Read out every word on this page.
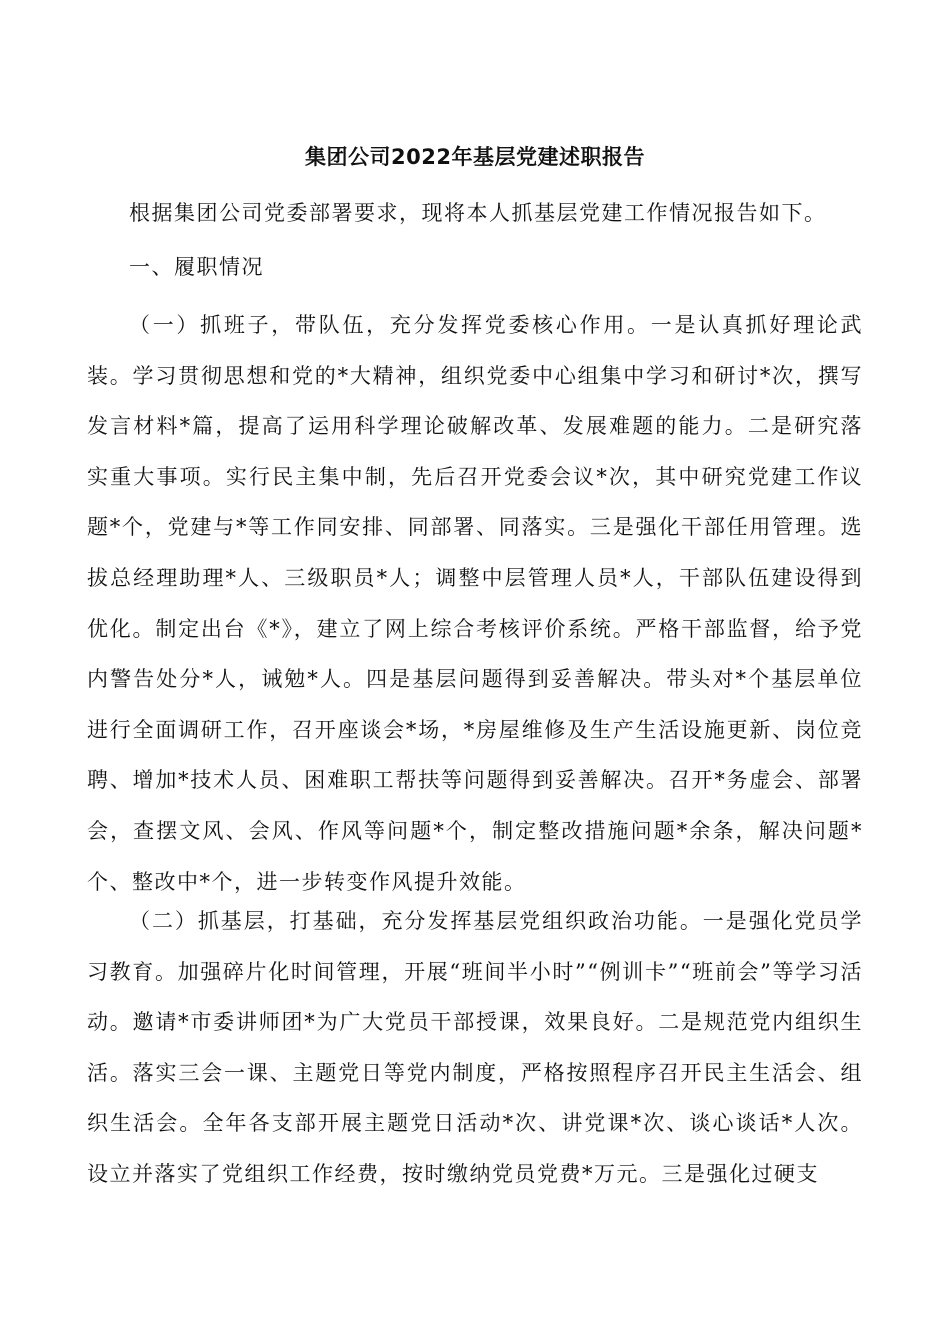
集团公司2022年基层党建述职报告

根据集团公司党委部署要求，现将本人抓基层党建工作情况报告如下。

一、履职情况

（一）抓班子，带队伍，充分发挥党委核心作用。一是认真抓好理论武装。学习贯彻思想和党的*大精神，组织党委中心组集中学习和研讨*次，撰写发言材料*篇，提高了运用科学理论破解改革、发展难题的能力。二是研究落实重大事项。实行民主集中制，先后召开党委会议*次，其中研究党建工作议题*个，党建与*等工作同安排、同部署、同落实。三是强化干部任用管理。选拔总经理助理*人、三级职员*人；调整中层管理人员*人，干部队伍建设得到优化。制定出台《*》，建立了网上综合考核评价系统。严格干部监督，给予党内警告处分*人，诫勉*人。四是基层问题得到妥善解决。带头对*个基层单位进行全面调研工作，召开座谈会*场，*房屋维修及生产生活设施更新、岗位竞聘、增加*技术人员、困难职工帮扶等问题得到妥善解决。召开*务虚会、部署会，查摆文风、会风、作风等问题*个，制定整改措施问题*余条，解决问题*个、整改中*个，进一步转变作风提升效能。

（二）抓基层，打基础，充分发挥基层党组织政治功能。一是强化党员学习教育。加强碎片化时间管理，开展“班间半小时”“例训卡”“班前会”等学习活动。邀请*市委讲师团*为广大党员干部授课，效果良好。二是规范党内组织生活。落实三会一课、主题党日等党内制度，严格按照程序召开民主生活会、组织生活会。全年各支部开展主题党日活动*次、讲党课*次、谈心谈话*人次。设立并落实了党组织工作经费，按时缴纳党员党费*万元。三是强化过硬支
